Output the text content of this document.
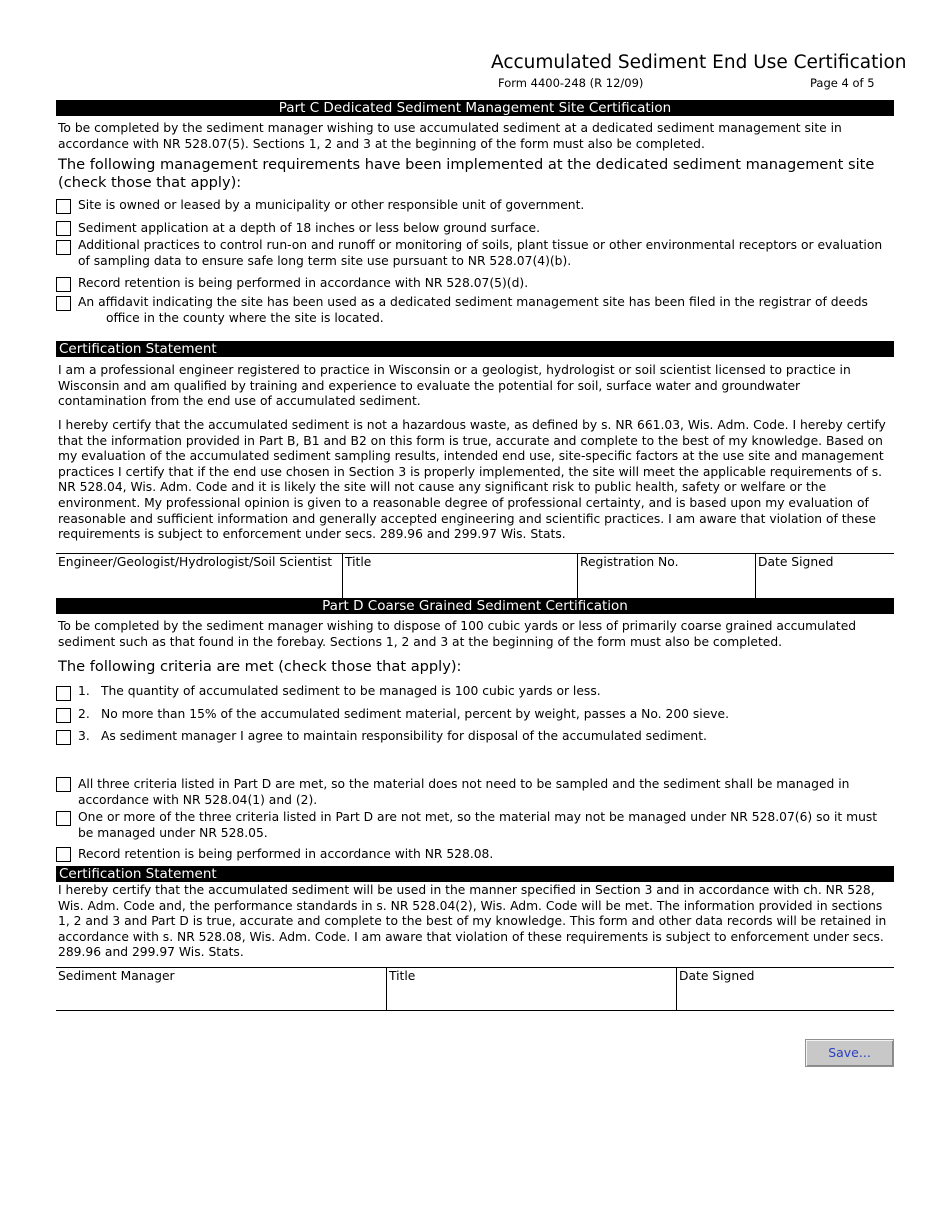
Accumulated Sediment End Use Certification
Form 4400-248 (R 12/09)	Page 4 of 5
Part C Dedicated Sediment Management Site Certification
To be completed by the sediment manager wishing to use accumulated sediment at a dedicated sediment management site in accordance with NR 528.07(5). Sections 1, 2 and 3 at the beginning of the form must also be completed.
The following management requirements have been implemented at the dedicated sediment management site (check those that apply):
Site is owned or leased by a municipality or other responsible unit of government.
Sediment application at a depth of 18 inches or less below ground surface.
Additional practices to control run-on and runoff or monitoring of soils, plant tissue or other environmental receptors or evaluation of sampling data to ensure safe long term site use pursuant to NR 528.07(4)(b).
Record retention is being performed in accordance with NR 528.07(5)(d).
An affidavit indicating the site has been used as a dedicated sediment management site has been filed in the registrar of deeds office in the county where the site is located.
Certification Statement
I am a professional engineer registered to practice in Wisconsin or a geologist, hydrologist or soil scientist licensed to practice in Wisconsin and am qualified by training and experience to evaluate the potential for soil, surface water and groundwater contamination from the end use of accumulated sediment.
I hereby certify that the accumulated sediment is not a hazardous waste, as defined by s. NR 661.03, Wis. Adm. Code. I hereby certify that the information provided in Part B, B1 and B2 on this form is true, accurate and complete to the best of my knowledge. Based on my evaluation of the accumulated sediment sampling results, intended end use, site-specific factors at the use site and management practices I certify that if the end use chosen in Section 3 is properly implemented, the site will meet the applicable requirements of s. NR 528.04, Wis. Adm. Code and it is likely the site will not cause any significant risk to public health, safety or welfare or the environment. My professional opinion is given to a reasonable degree of professional certainty, and is based upon my evaluation of reasonable and sufficient information and generally accepted engineering and scientific practices. I am aware that violation of these requirements is subject to enforcement under secs. 289.96 and 299.97 Wis. Stats.
Engineer/Geologist/Hydrologist/Soil Scientist	Title	Registration No.	Date Signed
Part D Coarse Grained Sediment Certification
To be completed by the sediment manager wishing to dispose of 100 cubic yards or less of primarily coarse grained accumulated sediment such as that found in the forebay. Sections 1, 2 and 3 at the beginning of the form must also be completed.
The following criteria are met (check those that apply):
1. The quantity of accumulated sediment to be managed is 100 cubic yards or less.
2. No more than 15% of the accumulated sediment material, percent by weight, passes a No. 200 sieve.
3. As sediment manager I agree to maintain responsibility for disposal of the accumulated sediment.
All three criteria listed in Part D are met, so the material does not need to be sampled and the sediment shall be managed in accordance with NR 528.04(1) and (2).
One or more of the three criteria listed in Part D are not met, so the material may not be managed under NR 528.07(6) so it must be managed under NR 528.05.
Record retention is being performed in accordance with NR 528.08.
Certification Statement
I hereby certify that the accumulated sediment will be used in the manner specified in Section 3 and in accordance with ch. NR 528, Wis. Adm. Code and, the performance standards in s. NR 528.04(2), Wis. Adm. Code will be met. The information provided in sections 1, 2 and 3 and Part D is true, accurate and complete to the best of my knowledge. This form and other data records will be retained in accordance with s. NR 528.08, Wis. Adm. Code. I am aware that violation of these requirements is subject to enforcement under secs. 289.96 and 299.97 Wis. Stats.
Sediment Manager	Title	Date Signed
Save...
